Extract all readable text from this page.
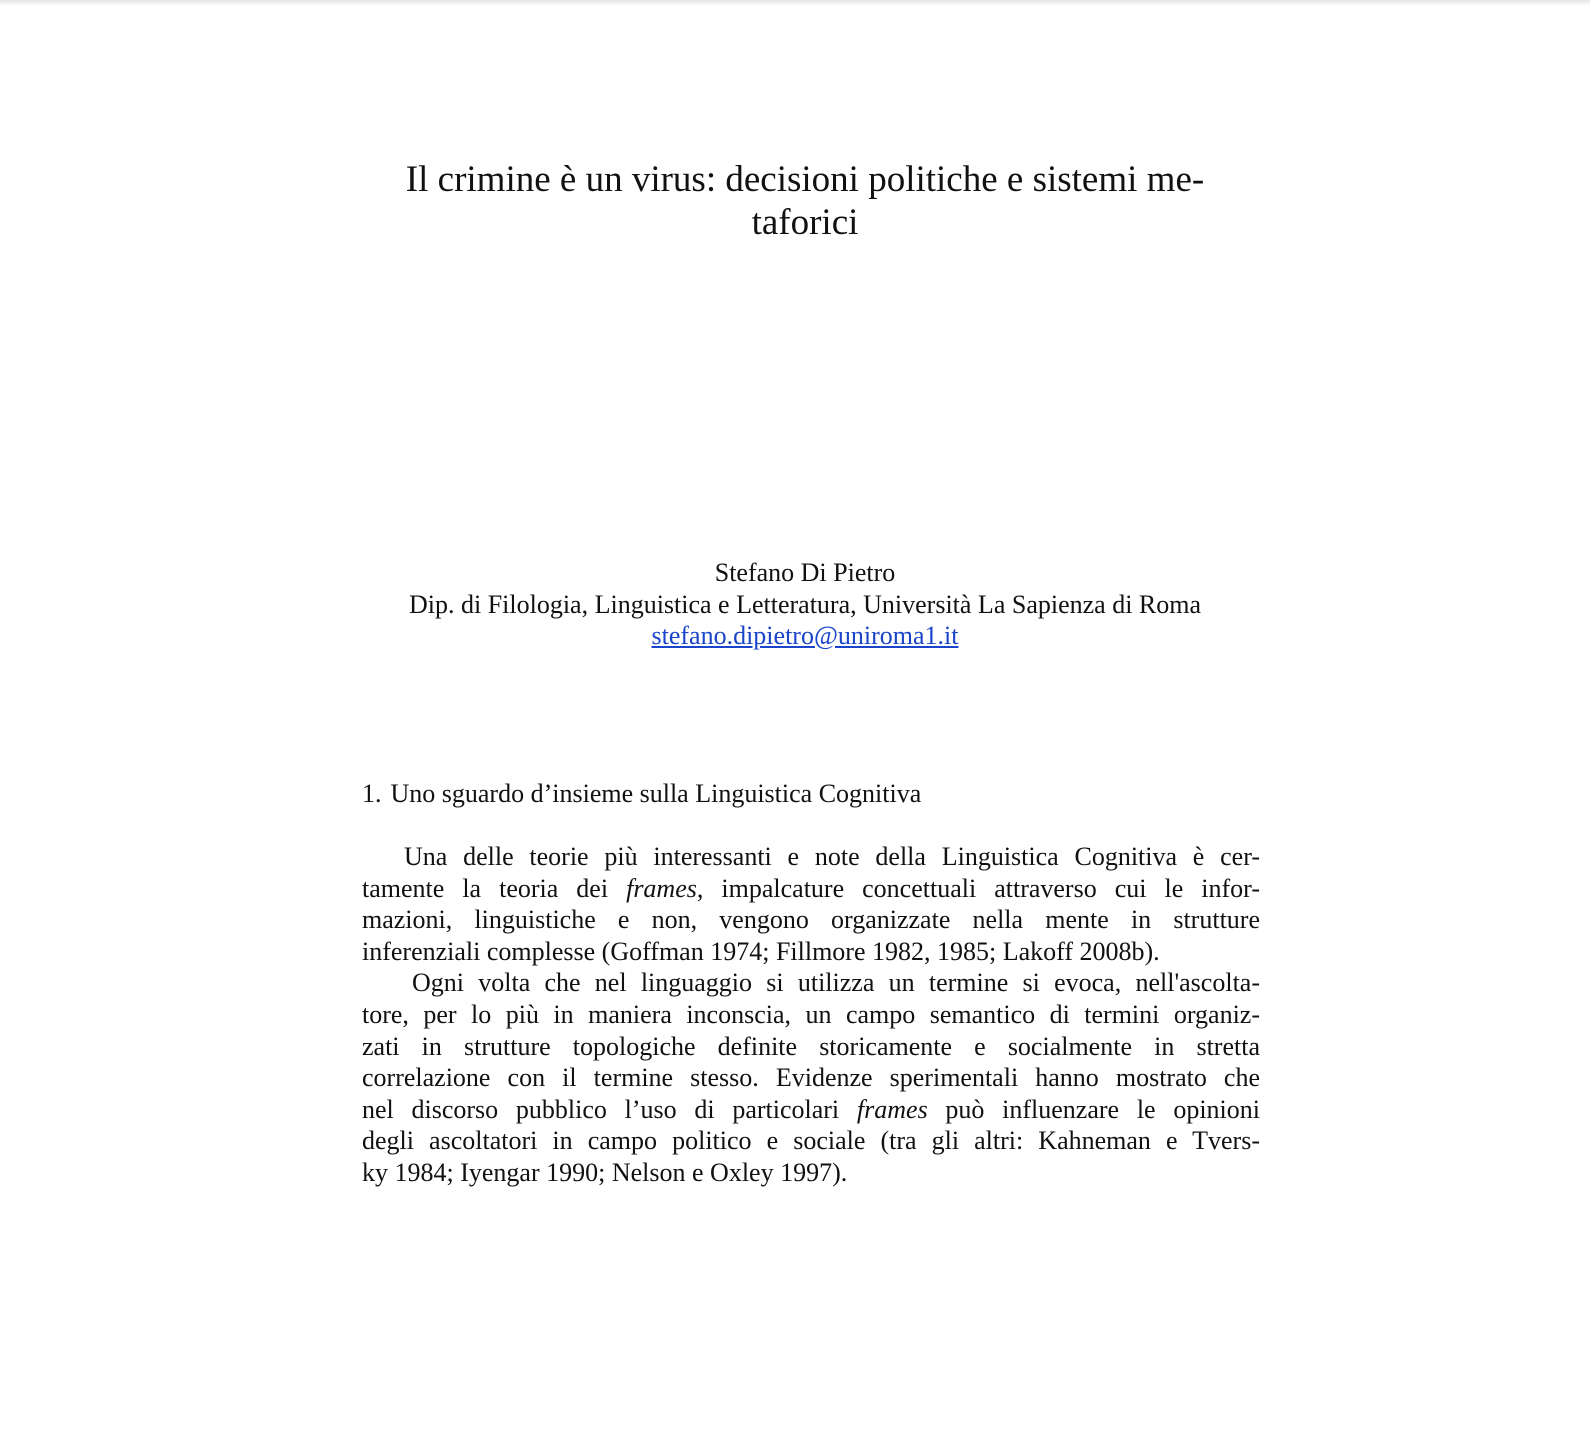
Il crimine è un virus: decisioni politiche e sistemi me-
taforici
Stefano Di Pietro
Dip. di Filologia, Linguistica e Letteratura, Università La Sapienza di Roma
stefano.dipietro@uniroma1.it
1. Uno sguardo d’insieme sulla Linguistica Cognitiva

Una delle teorie più interessanti e note della Linguistica Cognitiva è cer-
tamente la teoria dei frames, impalcature concettuali attraverso cui le infor-
mazioni, linguistiche e non, vengono organizzate nella mente in strutture
inferenziali complesse (Goffman 1974; Fillmore 1982, 1985; Lakoff 2008b).

Ogni volta che nel linguaggio si utilizza un termine si evoca, nell'ascolta-
tore, per lo più in maniera inconscia, un campo semantico di termini organiz-
zati in strutture topologiche definite storicamente e socialmente in stretta
correlazione con il termine stesso. Evidenze sperimentali hanno mostrato che
nel discorso pubblico l’uso di particolari frames può influenzare le opinioni
degli ascoltatori in campo politico e sociale (tra gli altri: Kahneman e Tvers-
ky 1984; Iyengar 1990; Nelson e Oxley 1997).
